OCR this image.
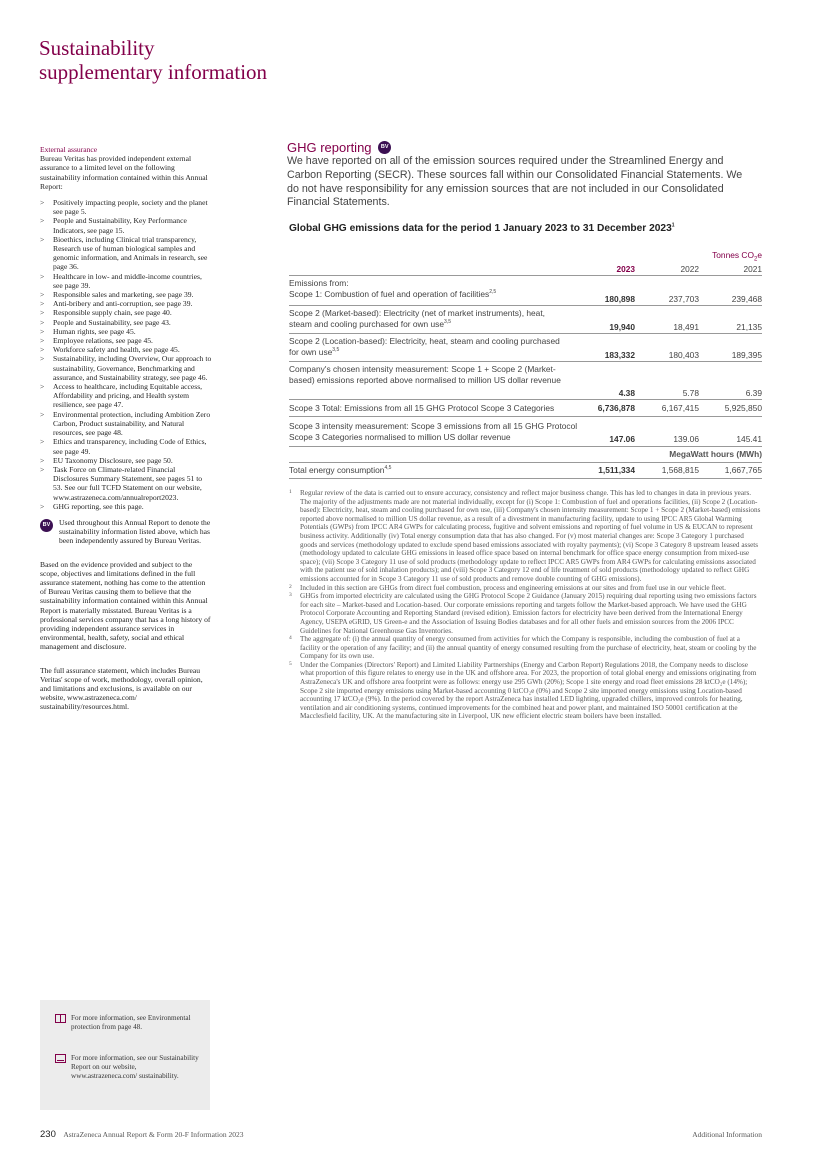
Sustainability
supplementary information
External assurance
Bureau Veritas has provided independent external assurance to a limited level on the following sustainability information contained within this Annual Report:
> Positively impacting people, society and the planet see page 5.
> People and Sustainability, Key Performance Indicators, see page 15.
> Bioethics, including Clinical trial transparency, Research use of human biological samples and genomic information, and Animals in research, see page 36.
> Healthcare in low- and middle-income countries, see page 39.
> Responsible sales and marketing, see page 39.
> Anti-bribery and anti-corruption, see page 39.
> Responsible supply chain, see page 40.
> People and Sustainability, see page 43.
> Human rights, see page 45.
> Employee relations, see page 45.
> Workforce safety and health, see page 45.
> Sustainability, including Overview, Our approach to sustainability, Governance, Benchmarking and assurance, and Sustainability strategy, see page 46.
> Access to healthcare, including Equitable access, Affordability and pricing, and Health system resilience, see page 47.
> Environmental protection, including Ambition Zero Carbon, Product sustainability, and Natural resources, see page 48.
> Ethics and transparency, including Code of Ethics, see page 49.
> EU Taxonomy Disclosure, see page 50.
> Task Force on Climate-related Financial Disclosures Summary Statement, see pages 51 to 53. See our full TCFD Statement on our website, www.astrazeneca.com/annualreport2023.
> GHG reporting, see this page.
BV	Used throughout this Annual Report to denote the sustainability information listed above, which has been independently assured by Bureau Veritas.

Based on the evidence provided and subject to the scope, objectives and limitations defined in the full assurance statement, nothing has come to the attention of Bureau Veritas causing them to believe that the sustainability information contained within this Annual Report is materially misstated. Bureau Veritas is a professional services company that has a long history of providing independent assurance services in environmental, health, safety, social and ethical management and disclosure.

The full assurance statement, which includes Bureau Veritas' scope of work, methodology, overall opinion, and limitations and exclusions, is available on our website, www.astrazeneca.com/ sustainability/resources.html.

For more information, see Environmental protection from page 48.
For more information, see our Sustainability Report on our website, www.astrazeneca.com/ sustainability.
GHG reporting BV
We have reported on all of the emission sources required under the Streamlined Energy and Carbon Reporting (SECR). These sources fall within our Consolidated Financial Statements. We do not have responsibility for any emission sources that are not included in our Consolidated Financial Statements.
Global GHG emissions data for the period 1 January 2023 to 31 December 2023$^1$
Tonnes $CO_2e$
2023	2022	2021
Emissions from:
Scope 1: Combustion of fuel and operation of facilities$^{2,5}$
180,898	237,703	239,468
Scope 2 (Market-based): Electricity (net of market instruments), heat, steam and cooling purchased for own use$^{3,5}$
19,940	18,491	21,135
Scope 2 (Location-based): Electricity, heat, steam and cooling purchased for own use$^{3,5}$
183,332	180,403	189,395
Company's chosen intensity measurement: Scope 1 + Scope 2 (Market-based) emissions reported above normalised to million US dollar revenue
4.38	5.78	6.39
Scope 3 Total: Emissions from all 15 GHG Protocol Scope 3 Categories	6,736,878	6,167,415	5,925,850
Scope 3 intensity measurement: Scope 3 emissions from all 15 GHG Protocol Scope 3 Categories normalised to million US dollar revenue	147.06	139.06	145.41
MegaWatt hours (MWh)
Total energy consumption$^{4,5}$	1,511,334	1,568,815	1,667,765
1 Regular review of the data is carried out to ensure accuracy, consistency and reflect major business change. This has led to changes in data in previous years. The majority of the adjustments made are not material individually, except for (i) Scope 1: Combustion of fuel and operations facilities, (ii) Scope 2 (Location-based): Electricity, heat, steam and cooling purchased for own use, (iii) Company's chosen intensity measurement: Scope 1 + Scope 2 (Market-based) emissions reported above normalised to million US dollar revenue, as a result of a divestment in manufacturing facility, update to using IPCC AR5 Global Warming Potentials (GWPs) from IPCC AR4 GWPs for calculating process, fugitive and solvent emissions and reporting of fuel volume in US & EUCAN to represent business activity. Additionally (iv) Total energy consumption data that has also changed. For (v) most material changes are: Scope 3 Category 1 purchased goods and services (methodology updated to exclude spend based emissions associated with royalty payments); (vi) Scope 3 Category 8 upstream leased assets (methodology updated to calculate GHG emissions in leased office space based on internal benchmark for office space energy consumption from mixed-use space); (vii) Scope 3 Category 11 use of sold products (methodology update to reflect IPCC AR5 GWPs from AR4 GWPs for calculating emissions associated with the patient use of sold inhalation products); and (viii) Scope 3 Category 12 end of life treatment of sold products (methodology updated to reflect GHG emissions accounted for in Scope 3 Category 11 use of sold products and remove double counting of GHG emissions).
2 Included in this section are GHGs from direct fuel combustion, process and engineering emissions at our sites and from fuel use in our vehicle fleet.
3 GHGs from imported electricity are calculated using the GHG Protocol Scope 2 Guidance (January 2015) requiring dual reporting using two emissions factors for each site – Market-based and Location-based. Our corporate emissions reporting and targets follow the Market-based approach. We have used the GHG Protocol Corporate Accounting and Reporting Standard (revised edition). Emission factors for electricity have been derived from the International Energy Agency, USEPA eGRID, US Green-e and the Association of Issuing Bodies databases and for all other fuels and emission sources from the 2006 IPCC Guidelines for National Greenhouse Gas Inventories.
4 The aggregate of: (i) the annual quantity of energy consumed from activities for which the Company is responsible, including the combustion of fuel at a facility or the operation of any facility; and (ii) the annual quantity of energy consumed resulting from the purchase of electricity, heat, steam or cooling by the Company for its own use.
5 Under the Companies (Directors' Report) and Limited Liability Partnerships (Energy and Carbon Report) Regulations 2018, the Company needs to disclose what proportion of this figure relates to energy use in the UK and offshore area. For 2023, the proportion of total global energy and emissions originating from AstraZeneca's UK and offshore area footprint were as follows: energy use 295 GWh (20%); Scope 1 site energy and road fleet emissions 28 ktCO₂e (14%); Scope 2 site imported energy emissions using Market-based accounting 0 ktCO₂e (0%) and Scope 2 site imported energy emissions using Location-based accounting 17 ktCO₂e (9%). In the period covered by the report AstraZeneca has installed LED lighting, upgraded chillers, improved controls for heating, ventilation and air conditioning systems, continued improvements for the combined heat and power plant, and maintained ISO 50001 certification at the Macclesfield facility, UK. At the manufacturing site in Liverpool, UK new efficient electric steam boilers have been installed.
230 AstraZeneca Annual Report & Form 20-F Information 2023	Additional Information
